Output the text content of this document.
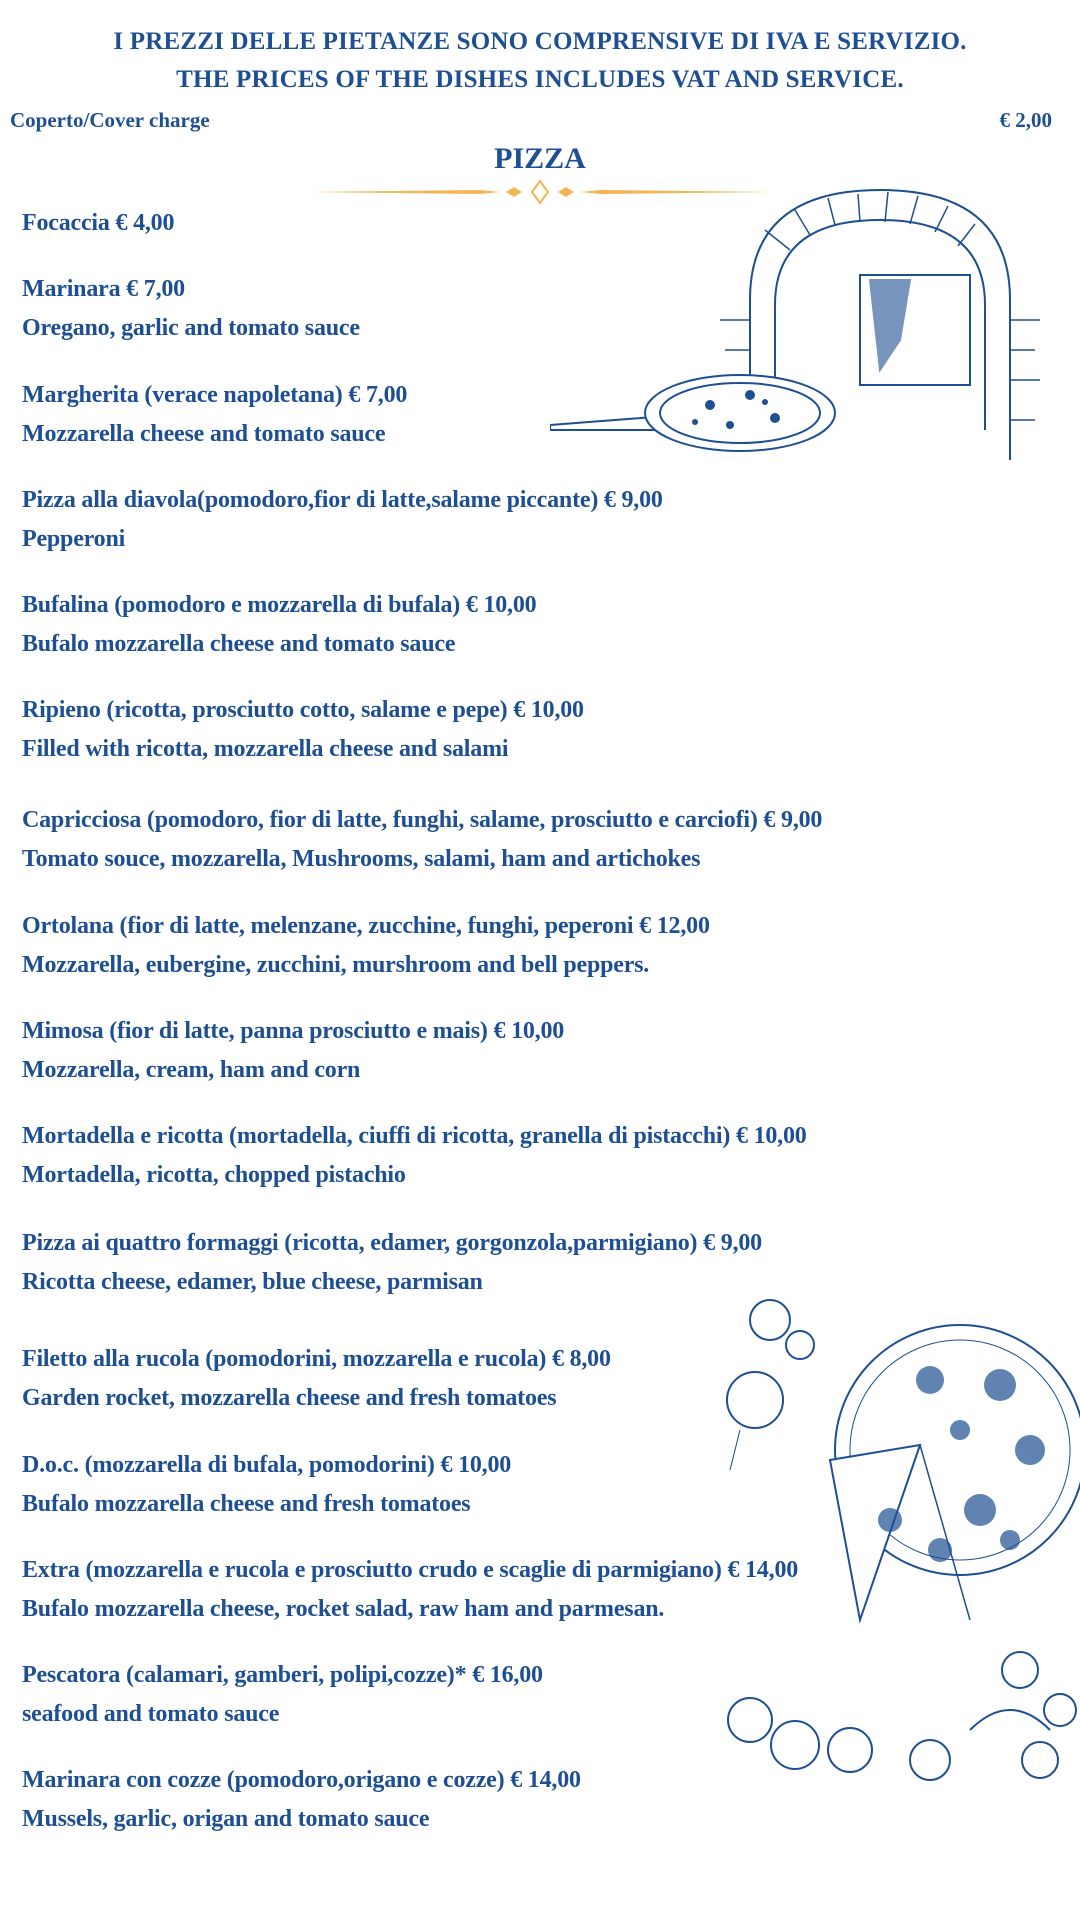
I PREZZI DELLE PIETANZE SONO COMPRENSIVE DI IVA E SERVIZIO.
THE PRICES OF THE DISHES INCLUDES VAT AND SERVICE.
Coperto/Cover charge	€ 2,00
PIZZA
Focaccia € 4,00
Marinara € 7,00
Oregano, garlic and tomato sauce
Margherita (verace napoletana) € 7,00
Mozzarella cheese and tomato sauce
Pizza alla diavola(pomodoro,fior di latte,salame piccante) € 9,00
Pepperoni
Bufalina (pomodoro e mozzarella di bufala) € 10,00
Bufalo mozzarella cheese and tomato sauce
Ripieno (ricotta, prosciutto cotto, salame e pepe) € 10,00
Filled with ricotta, mozzarella cheese and salami
Capricciosa (pomodoro, fior di latte, funghi, salame, prosciutto e carciofi) € 9,00
Tomato souce, mozzarella, Mushrooms, salami, ham and artichokes
Ortolana (fior di latte, melenzane, zucchine, funghi, peperoni € 12,00
Mozzarella, eubergine, zucchini, murshroom and bell peppers.
Mimosa (fior di latte, panna prosciutto e mais) € 10,00
Mozzarella, cream, ham and corn
Mortadella e ricotta (mortadella, ciuffi di ricotta, granella di pistacchi) € 10,00
Mortadella, ricotta, chopped pistachio
Pizza ai quattro formaggi (ricotta, edamer, gorgonzola,parmigiano) € 9,00
Ricotta cheese, edamer, blue cheese, parmisan
Filetto alla rucola (pomodorini, mozzarella e rucola) € 8,00
Garden rocket, mozzarella cheese and fresh tomatoes
D.o.c. (mozzarella di bufala, pomodorini) € 10,00
Bufalo mozzarella cheese and fresh tomatoes
Extra (mozzarella e rucola e prosciutto crudo e scaglie di parmigiano) € 14,00
Bufalo mozzarella cheese, rocket salad, raw ham and parmesan.
Pescatora (calamari, gamberi, polipi,cozze)* € 16,00
seafood and tomato sauce
Marinara con cozze (pomodoro,origano e cozze) € 14,00
Mussels, garlic, origan and tomato sauce
